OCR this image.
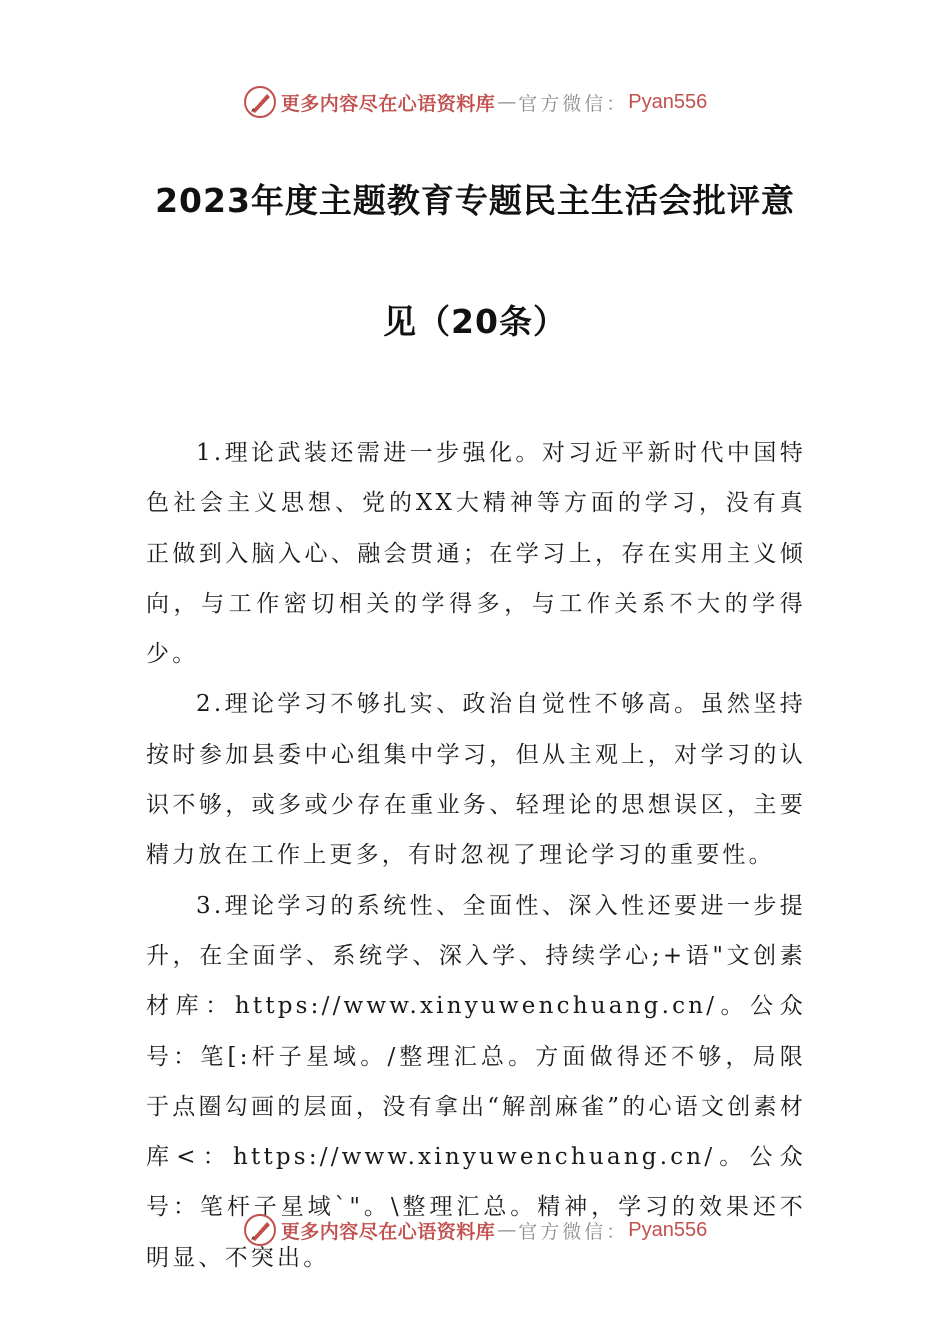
更多内容尽在心语资料库 — 官方微信： Pyan556
2023年度主题教育专题民主生活会批评意
见（20条）

1.理论武装还需进一步强化。对习近平新时代中国特色社会主义思想、党的XX大精神等方面的学习，没有真正做到入脑入心、融会贯通；在学习上，存在实用主义倾向，与工作密切相关的学得多，与工作关系不大的学得少。

2.理论学习不够扎实、政治自觉性不够高。虽然坚持按时参加县委中心组集中学习，但从主观上，对学习的认识不够，或多或少存在重业务、轻理论的思想误区，主要精力放在工作上更多，有时忽视了理论学习的重要性。

3.理论学习的系统性、全面性、深入性还要进一步提升，在全面学、系统学、深入学、持续学心;+语"文创素材库：https://www.xinyuwenchuang.cn/。公众号：笔[:杆子星域。/整理汇总。方面做得还不够，局限于点圈勾画的层面，没有拿出“解剖麻雀”的心语文创素材库<：https://www.xinyuwenchuang.cn/。公众号：笔杆子星域`"。\整理汇总。精神，学习的效果还不明显、不突出。

更多内容尽在心语资料库 — 官方微信： Pyan556
